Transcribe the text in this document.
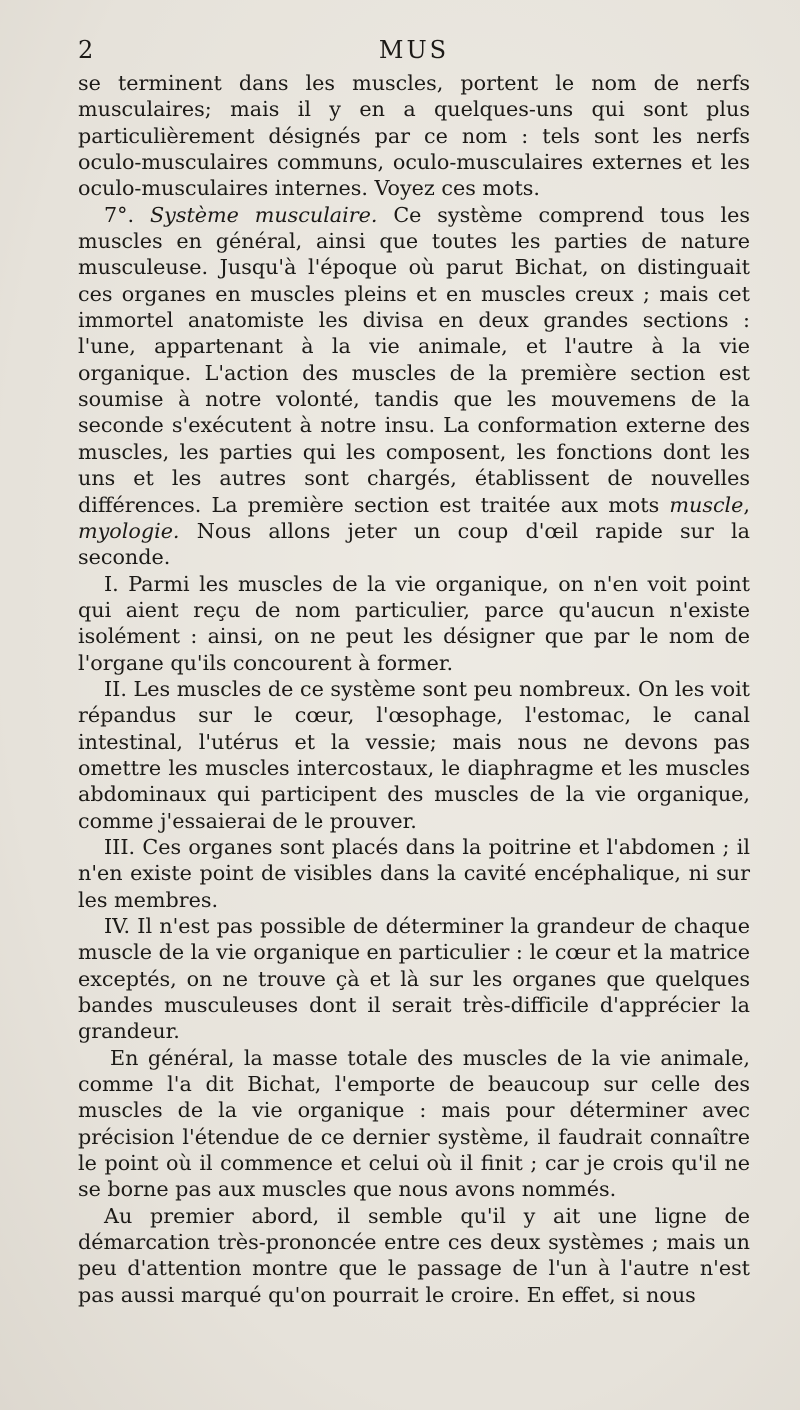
2	MUS

se terminent dans les muscles, portent le nom de nerfs musculaires; mais il y en a quelques-uns qui sont plus particulièrement désignés par ce nom : tels sont les nerfs oculo-musculaires communs, oculo-musculaires externes et les oculo-musculaires internes. Voyez ces mots.

7°. Système musculaire. Ce système comprend tous les muscles en général, ainsi que toutes les parties de nature musculeuse. Jusqu'à l'époque où parut Bichat, on distinguait ces organes en muscles pleins et en muscles creux ; mais cet immortel anatomiste les divisa en deux grandes sections : l'une, appartenant à la vie animale, et l'autre à la vie organique. L'action des muscles de la première section est soumise à notre volonté, tandis que les mouvemens de la seconde s'exécutent à notre insu. La conformation externe des muscles, les parties qui les composent, les fonctions dont les uns et les autres sont chargés, établissent de nouvelles différences. La première section est traitée aux mots muscle, myologie. Nous allons jeter un coup d'œil rapide sur la seconde.

I. Parmi les muscles de la vie organique, on n'en voit point qui aient reçu de nom particulier, parce qu'aucun n'existe isolément : ainsi, on ne peut les désigner que par le nom de l'organe qu'ils concourent à former.

II. Les muscles de ce système sont peu nombreux. On les voit répandus sur le cœur, l'œsophage, l'estomac, le canal intestinal, l'utérus et la vessie; mais nous ne devons pas omettre les muscles intercostaux, le diaphragme et les muscles abdominaux qui participent des muscles de la vie organique, comme j'essaierai de le prouver.

III. Ces organes sont placés dans la poitrine et l'abdomen ; il n'en existe point de visibles dans la cavité encéphalique, ni sur les membres.

IV. Il n'est pas possible de déterminer la grandeur de chaque muscle de la vie organique en particulier : le cœur et la matrice exceptés, on ne trouve çà et là sur les organes que quelques bandes musculeuses dont il serait très-difficile d'apprécier la grandeur.

En général, la masse totale des muscles de la vie animale, comme l'a dit Bichat, l'emporte de beaucoup sur celle des muscles de la vie organique : mais pour déterminer avec précision l'étendue de ce dernier système, il faudrait connaître le point où il commence et celui où il finit ; car je crois qu'il ne se borne pas aux muscles que nous avons nommés.

Au premier abord, il semble qu'il y ait une ligne de démarcation très-prononcée entre ces deux systèmes ; mais un peu d'attention montre que le passage de l'un à l'autre n'est pas aussi marqué qu'on pourrait le croire. En effet, si nous
